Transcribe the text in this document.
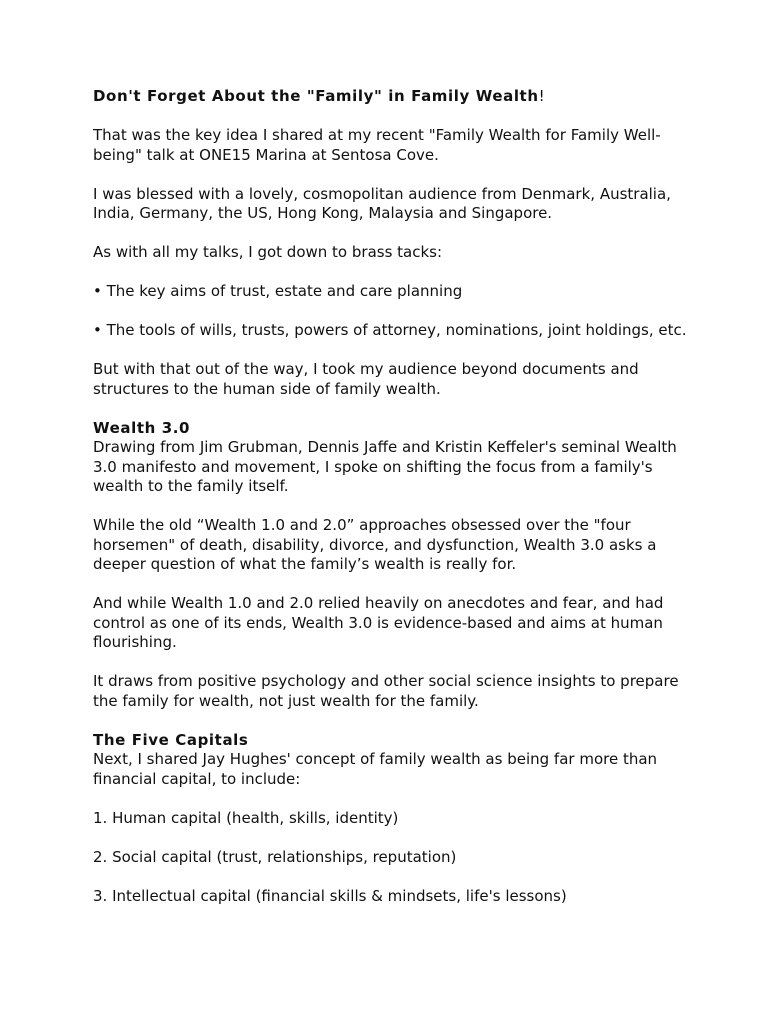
Don't Forget About the "Family" in Family Wealth!

That was the key idea I shared at my recent "Family Wealth for Family Well-being" talk at ONE15 Marina at Sentosa Cove.

I was blessed with a lovely, cosmopolitan audience from Denmark, Australia, India, Germany, the US, Hong Kong, Malaysia and Singapore.

As with all my talks, I got down to brass tacks:

• The key aims of trust, estate and care planning

• The tools of wills, trusts, powers of attorney, nominations, joint holdings, etc.

But with that out of the way, I took my audience beyond documents and structures to the human side of family wealth.

Wealth 3.0

Drawing from Jim Grubman, Dennis Jaffe and Kristin Keffeler's seminal Wealth 3.0 manifesto and movement, I spoke on shifting the focus from a family's wealth to the family itself.

While the old “Wealth 1.0 and 2.0” approaches obsessed over the "four horsemen" of death, disability, divorce, and dysfunction, Wealth 3.0 asks a deeper question of what the family’s wealth is really for.

And while Wealth 1.0 and 2.0 relied heavily on anecdotes and fear, and had control as one of its ends, Wealth 3.0 is evidence-based and aims at human flourishing.

It draws from positive psychology and other social science insights to prepare the family for wealth, not just wealth for the family.

The Five Capitals

Next, I shared Jay Hughes' concept of family wealth as being far more than financial capital, to include:

1. Human capital (health, skills, identity)

2. Social capital (trust, relationships, reputation)

3. Intellectual capital (financial skills & mindsets, life's lessons)
